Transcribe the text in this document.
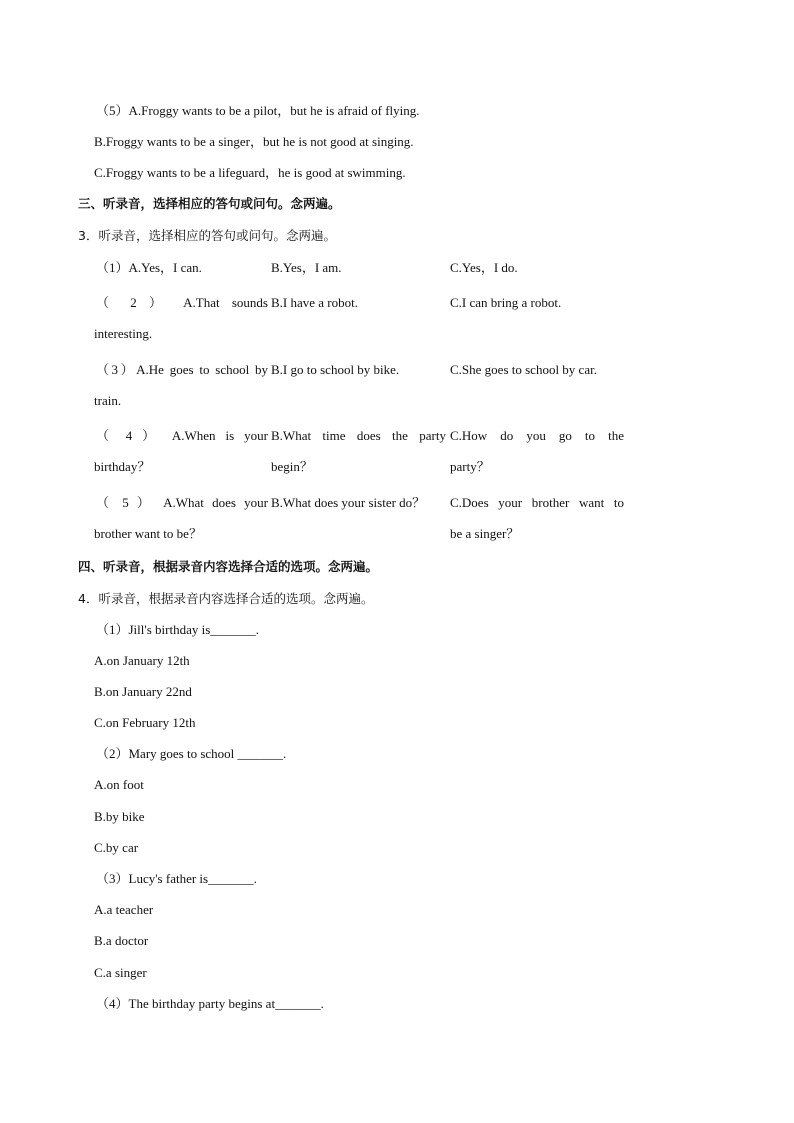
（5）A.Froggy wants to be a pilot，but he is afraid of flying.
B.Froggy wants to be a singer，but he is not good at singing.
C.Froggy wants to be a lifeguard，he is good at swimming.
三、听录音，选择相应的答句或问句。念两遍。
3．听录音，选择相应的答句或问句。念两遍。
（1）A.Yes，I can.	B.Yes，I am.	C.Yes，I do.
（ 2 ） A.That sounds
interesting.
B.I have a robot.	C.I can bring a robot.
（3）A.He goes to school by
train.
B.I go to school by bike.	C.She goes to school by car.
（ 4 ） A.When is your
birthday？
B.What time does the party
begin？
C.How do you go to the
party？
（ 5 ） A.What does your
brother want to be？
B.What does your sister do？	C.Does your brother want to
be a singer？
四、听录音，根据录音内容选择合适的选项。念两遍。
4．听录音，根据录音内容选择合适的选项。念两遍。
（1）Jill's birthday is_______.
A.on January 12th
B.on January 22nd
C.on February 12th
（2）Mary goes to school _______.
A.on foot
B.by bike
C.by car
（3）Lucy's father is_______.
A.a teacher
B.a doctor
C.a singer
（4）The birthday party begins at_______.
